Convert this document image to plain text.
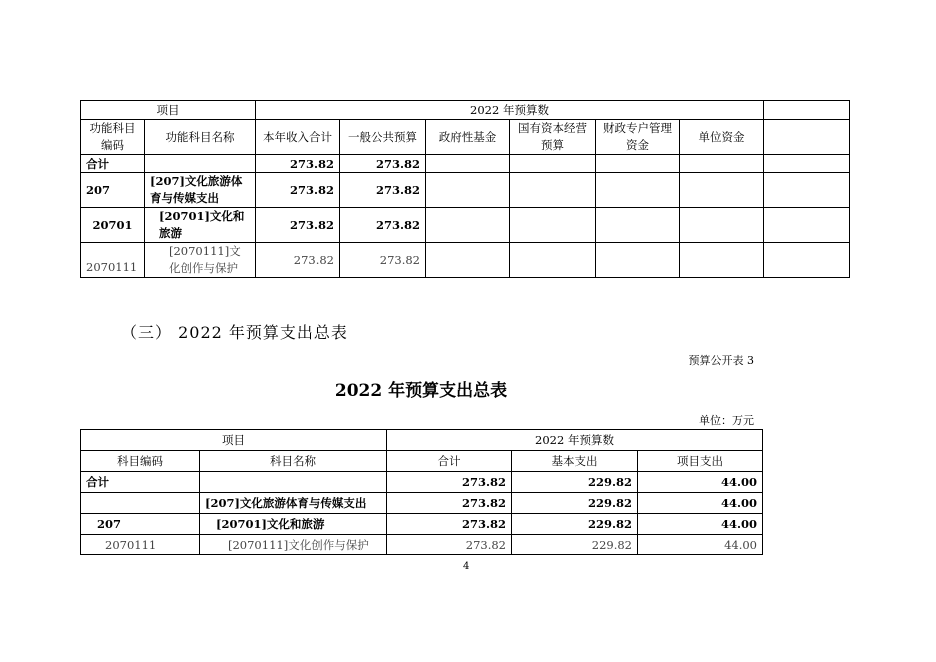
项目		2022 年预算数						
功能科目编码	功能科目名称	本年收入合计	一般公共预算	政府性基金	国有资本经营预算	财政专户管理资金	单位资金	
合计		273.82	273.82					
207	[207]文化旅游体育与传媒支出	273.82	273.82					
20701	[20701]文化和旅游	273.82	273.82					
2070111	[2070111]文化创作与保护	273.82	273.82					
（三） 2022 年预算支出总表
预算公开表 3
2022 年预算支出总表
单位：万元
项目		2022 年预算数		
科目编码	科目名称	合计	基本支出	项目支出
合计		273.82	229.82	44.00
	[207]文化旅游体育与传媒支出	273.82	229.82	44.00
207	[20701]文化和旅游	273.82	229.82	44.00
2070111	[2070111]文化创作与保护	273.82	229.82	44.00
4
